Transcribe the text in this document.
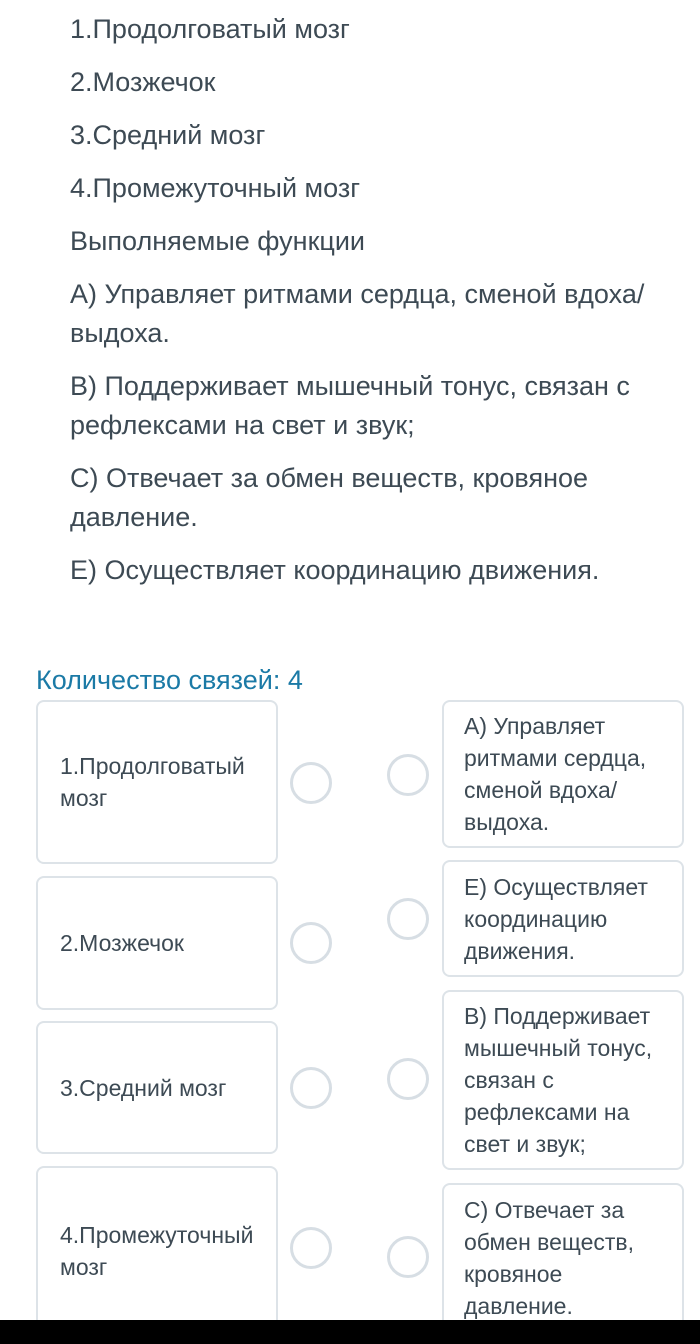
1.Продолговатый мозг

2.Мозжечок

3.Средний мозг

4.Промежуточный мозг

Выполняемые функции

А) Управляет ритмами сердца, сменой вдоха/ выдоха.

В) Поддерживает мышечный тонус, связан с рефлексами на свет и звук;

С) Отвечает за обмен веществ, кровяное давление.

Е) Осуществляет координацию движения.

Количество связей: 4
1.Продолговатый мозг
2.Мозжечок
3.Средний мозг
4.Промежуточный мозг
А) Управляет ритмами сердца, сменой вдоха/ выдоха.
Е) Осуществляет координацию движения.
В) Поддерживает мышечный тонус, связан с рефлексами на свет и звук;
С) Отвечает за обмен веществ, кровяное давление.
